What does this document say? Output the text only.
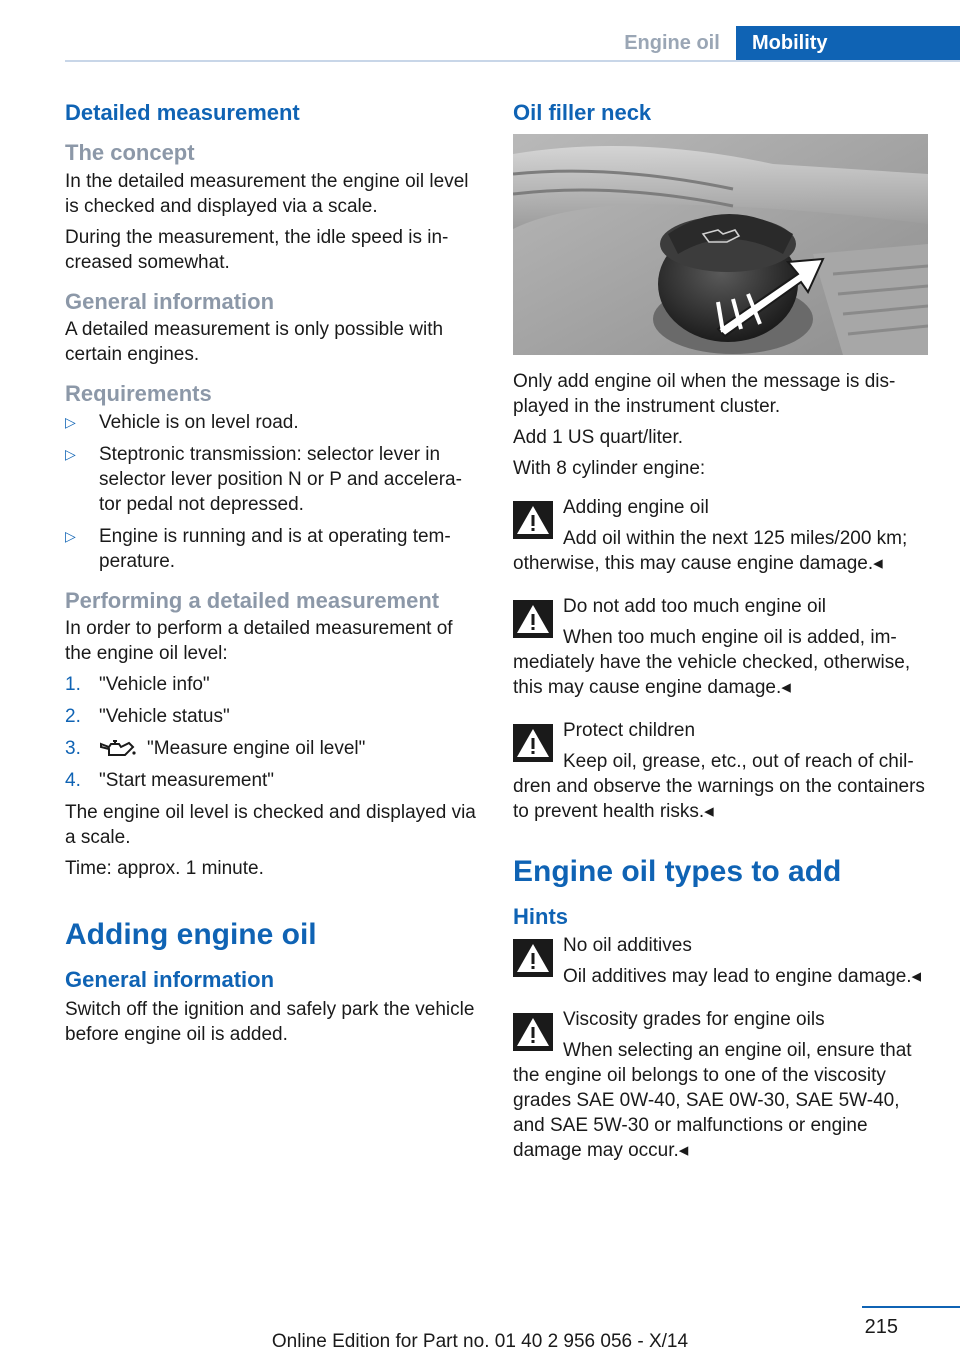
Engine oil	Mobility
Detailed measurement
The concept

In the detailed measurement the engine oil level is checked and displayed via a scale.

During the measurement, the idle speed is increased somewhat.

General information

A detailed measurement is only possible with certain engines.

Requirements
▷ Vehicle is on level road.
▷ Steptronic transmission: selector lever in selector lever position N or P and accelerator pedal not depressed.
▷ Engine is running and is at operating temperature.
Performing a detailed measurement

In order to perform a detailed measurement of the engine oil level:

1. "Vehicle info"
2. "Vehicle status"
3.	"Measure engine oil level"
4. "Start measurement"

The engine oil level is checked and displayed via a scale.

Time: approx. 1 minute.

Adding engine oil
General information

Switch off the ignition and safely park the vehicle before engine oil is added.

Oil filler neck

Only add engine oil when the message is displayed in the instrument cluster.

Add 1 US quart/liter.

With 8 cylinder engine:

Adding engine oil
Add oil within the next 125 miles/200 km; otherwise, this may cause engine damage.◂
Do not add too much engine oil
When too much engine oil is added, immediately have the vehicle checked, otherwise, this may cause engine damage.◂
Protect children
Keep oil, grease, etc., out of reach of children and observe the warnings on the containers to prevent health risks.◂
Engine oil types to add
Hints
No oil additives
Oil additives may lead to engine damage.◂
Viscosity grades for engine oils
When selecting an engine oil, ensure that the engine oil belongs to one of the viscosity grades SAE 0W-40, SAE 0W-30, SAE 5W-40, and SAE 5W-30 or malfunctions or engine damage may occur.◂
215
Online Edition for Part no. 01 40 2 956 056 - X/14
